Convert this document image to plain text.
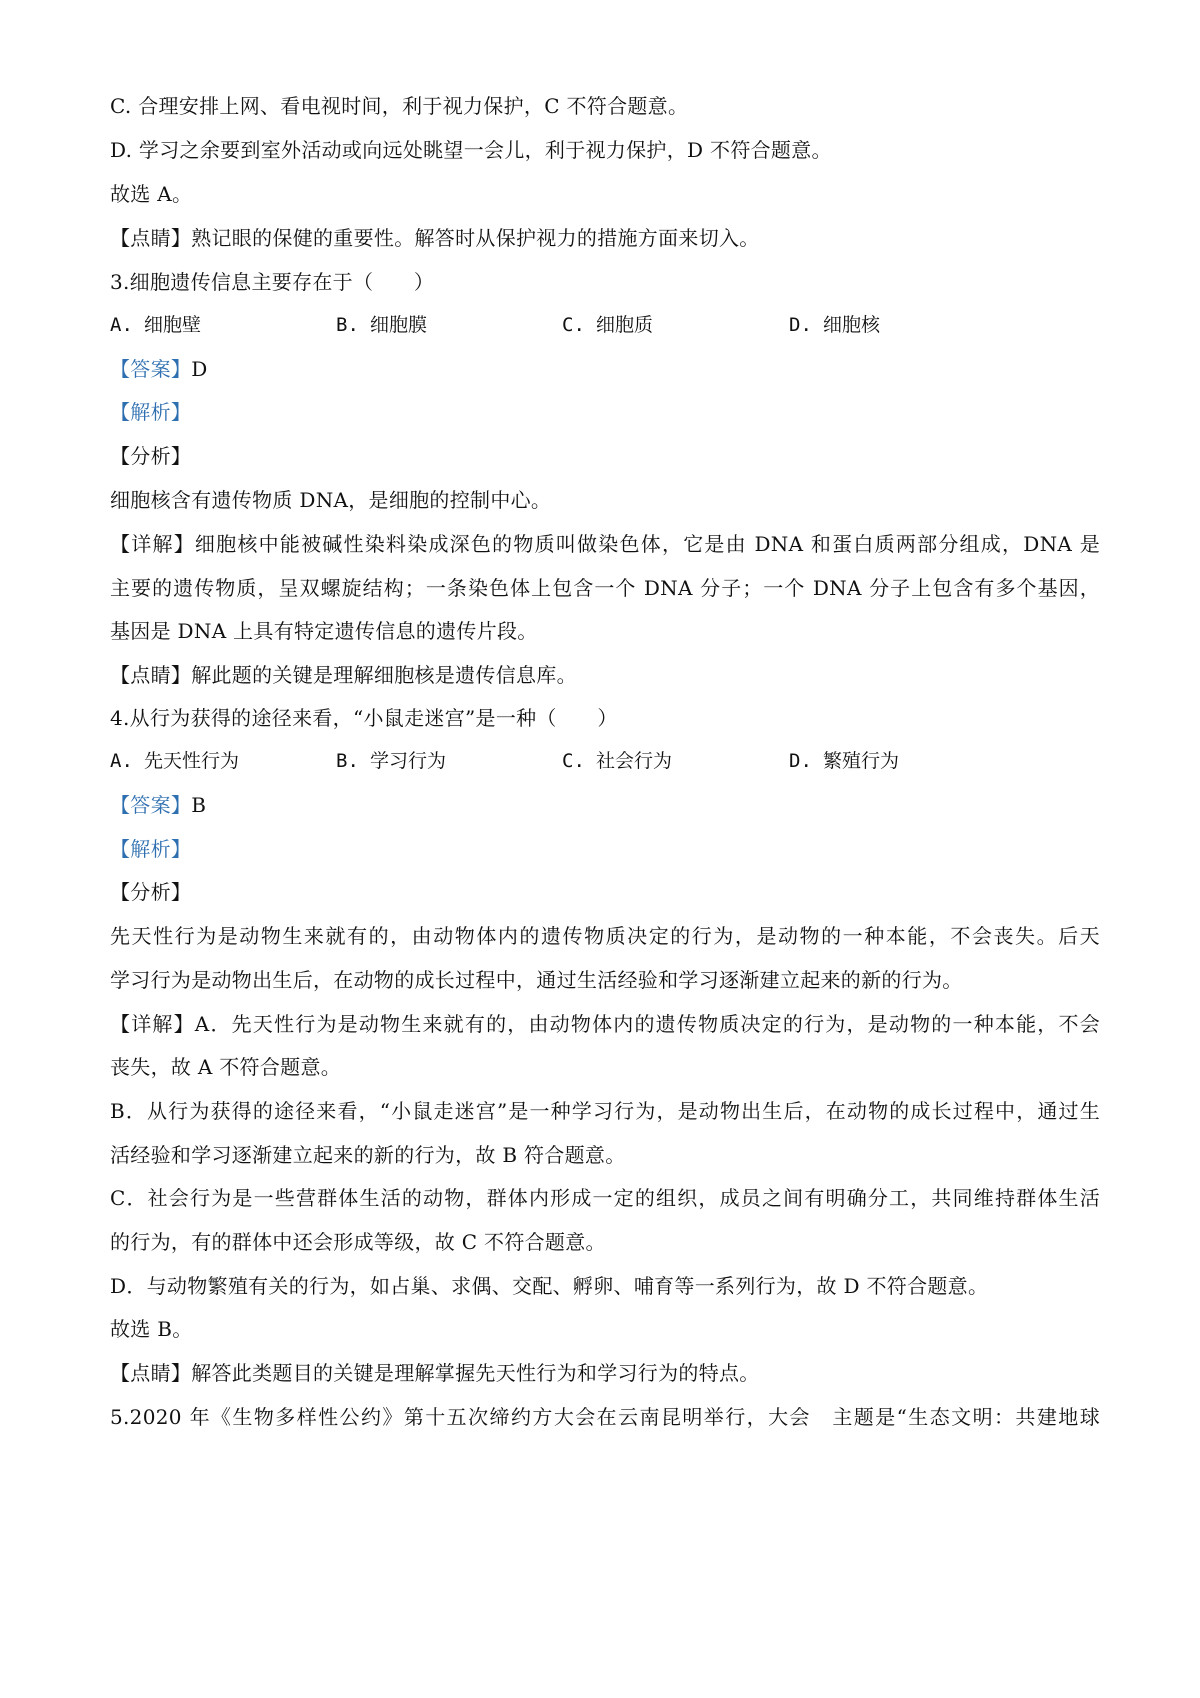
C. 合理安排上网、看电视时间，利于视力保护，C 不符合题意。

D. 学习之余要到室外活动或向远处眺望一会儿，利于视力保护，D 不符合题意。

故选 A。

【点睛】熟记眼的保健的重要性。解答时从保护视力的措施方面来切入。

3.细胞遗传信息主要存在于（　　）

A. 细胞壁	B. 细胞膜	C. 细胞质	D. 细胞核

【答案】D

【解析】

【分析】

细胞核含有遗传物质 DNA，是细胞的控制中心。

【详解】细胞核中能被碱性染料染成深色的物质叫做染色体，它是由 DNA 和蛋白质两部分组成，DNA 是

主要的遗传物质，呈双螺旋结构；一条染色体上包含一个 DNA 分子；一个 DNA 分子上包含有多个基因，

基因是 DNA 上具有特定遗传信息的遗传片段。

【点睛】解此题的关键是理解细胞核是遗传信息库。

4.从行为获得的途径来看，“小鼠走迷宫”是一种（　　）

A. 先天性行为	B. 学习行为	C. 社会行为	D. 繁殖行为

【答案】B

【解析】

【分析】

先天性行为是动物生来就有的，由动物体内的遗传物质决定的行为，是动物的一种本能，不会丧失。后天

学习行为是动物出生后，在动物的成长过程中，通过生活经验和学习逐渐建立起来的新的行为。

【详解】A．先天性行为是动物生来就有的，由动物体内的遗传物质决定的行为，是动物的一种本能，不会

丧失，故 A 不符合题意。

B．从行为获得的途径来看，“小鼠走迷宫”是一种学习行为，是动物出生后，在动物的成长过程中，通过生

活经验和学习逐渐建立起来的新的行为，故 B 符合题意。

C．社会行为是一些营群体生活的动物，群体内形成一定的组织，成员之间有明确分工，共同维持群体生活

的行为，有的群体中还会形成等级，故 C 不符合题意。

D．与动物繁殖有关的行为，如占巢、求偶、交配、孵卵、哺育等一系列行为，故 D 不符合题意。

故选 B。

【点睛】解答此类题目的关键是理解掌握先天性行为和学习行为的特点。

5.2020 年《生物多样性公约》第十五次缔约方大会在云南昆明举行，大会　主题是“生态文明：共建地球
